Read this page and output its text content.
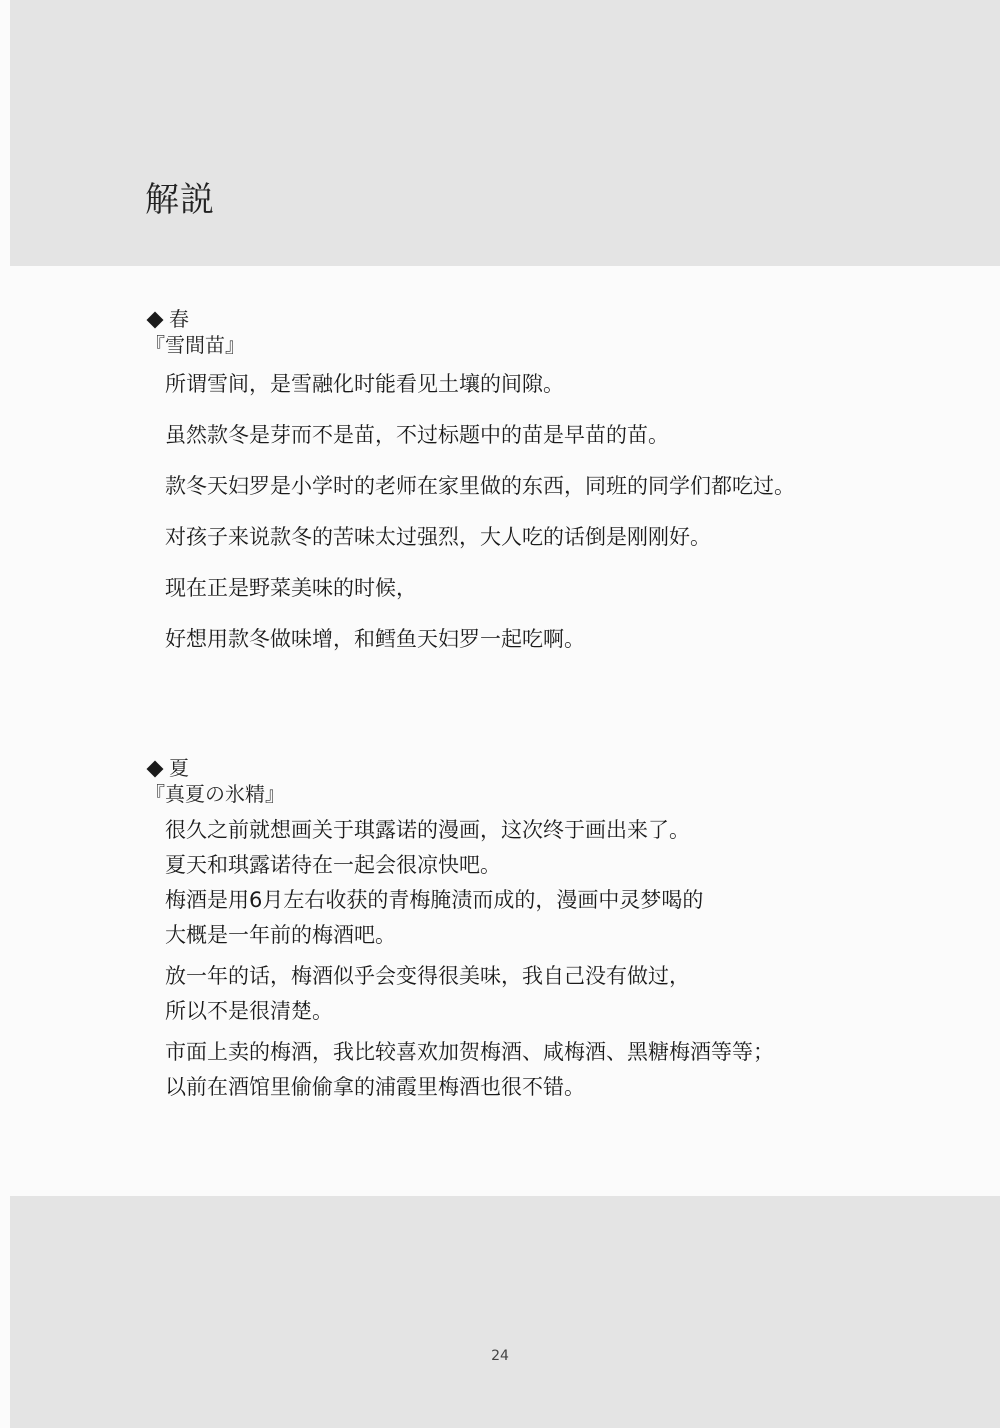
解説

春

『雪間苗』

所谓雪间，是雪融化时能看见土壤的间隙。
虽然款冬是芽而不是苗，不过标题中的苗是早苗的苗。
款冬天妇罗是小学时的老师在家里做的东西，同班的同学们都吃过。
对孩子来说款冬的苦味太过强烈，大人吃的话倒是刚刚好。
现在正是野菜美味的时候，
好想用款冬做味增，和鳕鱼天妇罗一起吃啊。

夏

『真夏の氷精』

很久之前就想画关于琪露诺的漫画，这次终于画出来了。
夏天和琪露诺待在一起会很凉快吧。
梅酒是用6月左右收获的青梅腌渍而成的，漫画中灵梦喝的
大概是一年前的梅酒吧。
放一年的话，梅酒似乎会变得很美味，我自己没有做过，
所以不是很清楚。
市面上卖的梅酒，我比较喜欢加贺梅酒、咸梅酒、黑糖梅酒等等；
以前在酒馆里偷偷拿的浦霞里梅酒也很不错。
24
